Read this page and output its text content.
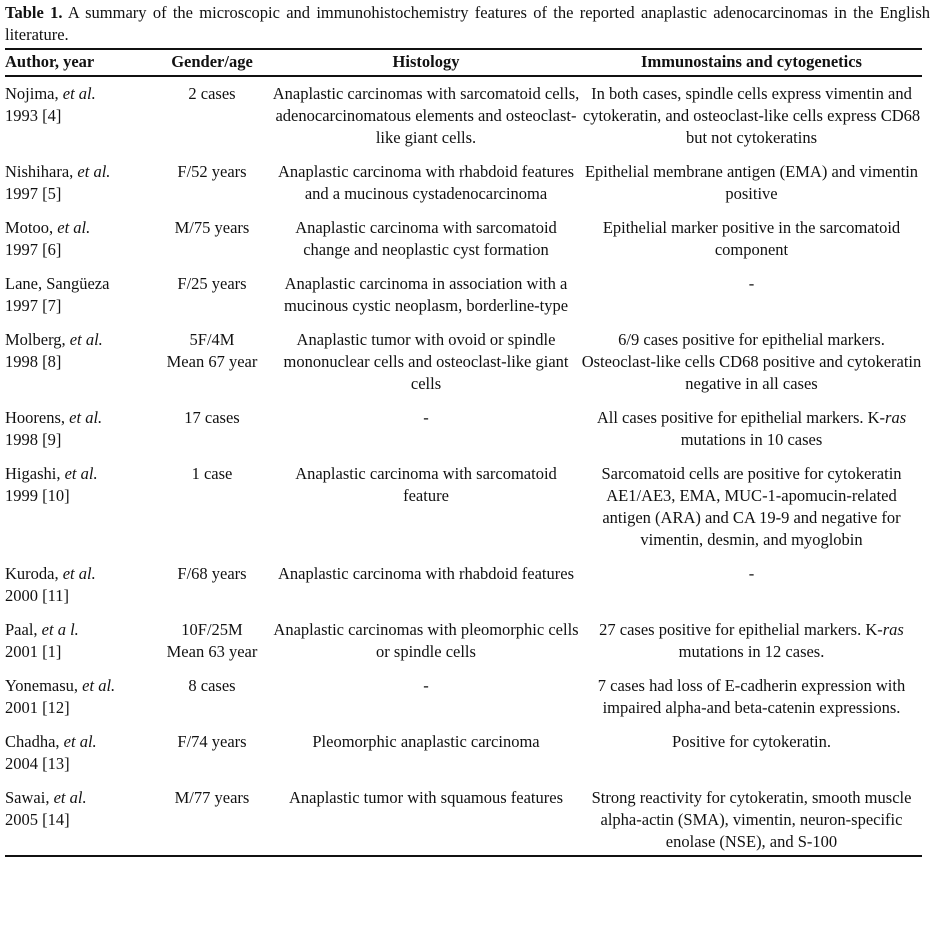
Table 1. A summary of the microscopic and immunohistochemistry features of the reported anaplastic adenocarcinomas in the English literature.

Author, year	Gender/age	Histology	Immunostains and cytogenetics
Nojima, et al.
1993 [4]	2 cases	Anaplastic carcinomas with sarcomatoid cells, adenocarcinomatous elements and osteoclast-like giant cells.	In both cases, spindle cells express vimentin and cytokeratin, and osteoclast-like cells express CD68 but not cytokeratins
Nishihara, et al.
1997 [5]	F/52 years	Anaplastic carcinoma with rhabdoid features and a mucinous cystadenocarcinoma	Epithelial membrane antigen (EMA) and vimentin positive
Motoo, et al.
1997 [6]	M/75 years	Anaplastic carcinoma with sarcomatoid change and neoplastic cyst formation	Epithelial marker positive in the sarcomatoid component
Lane, Sangüeza
1997 [7]	F/25 years	Anaplastic carcinoma in association with a mucinous cystic neoplasm, borderline-type	-
Molberg, et al.
1998 [8]	5F/4M
Mean 67 year	Anaplastic tumor with ovoid or spindle mononuclear cells and osteoclast-like giant cells	6/9 cases positive for epithelial markers. Osteoclast-like cells CD68 positive and cytokeratin negative in all cases
Hoorens, et al.
1998 [9]	17 cases	-	All cases positive for epithelial markers. K-ras mutations in 10 cases
Higashi, et al.
1999 [10]	1 case	Anaplastic carcinoma with sarcomatoid feature	Sarcomatoid cells are positive for cytokeratin AE1/AE3, EMA, MUC-1-apomucin-related antigen (ARA) and CA 19-9 and negative for vimentin, desmin, and myoglobin
Kuroda, et al.
2000 [11]	F/68 years	Anaplastic carcinoma with rhabdoid features	-
Paal, et a l.
2001 [1]	10F/25M
Mean 63 year	Anaplastic carcinomas with pleomorphic cells or spindle cells	27 cases positive for epithelial markers. K-ras mutations in 12 cases.
Yonemasu, et al.
2001 [12]	8 cases	-	7 cases had loss of E-cadherin expression with impaired alpha-and beta-catenin expressions.
Chadha, et al.
2004 [13]	F/74 years	Pleomorphic anaplastic carcinoma	Positive for cytokeratin.
Sawai, et al.
2005 [14]	M/77 years	Anaplastic tumor with squamous features	Strong reactivity for cytokeratin, smooth muscle alpha-actin (SMA), vimentin, neuron-specific enolase (NSE), and S-100
